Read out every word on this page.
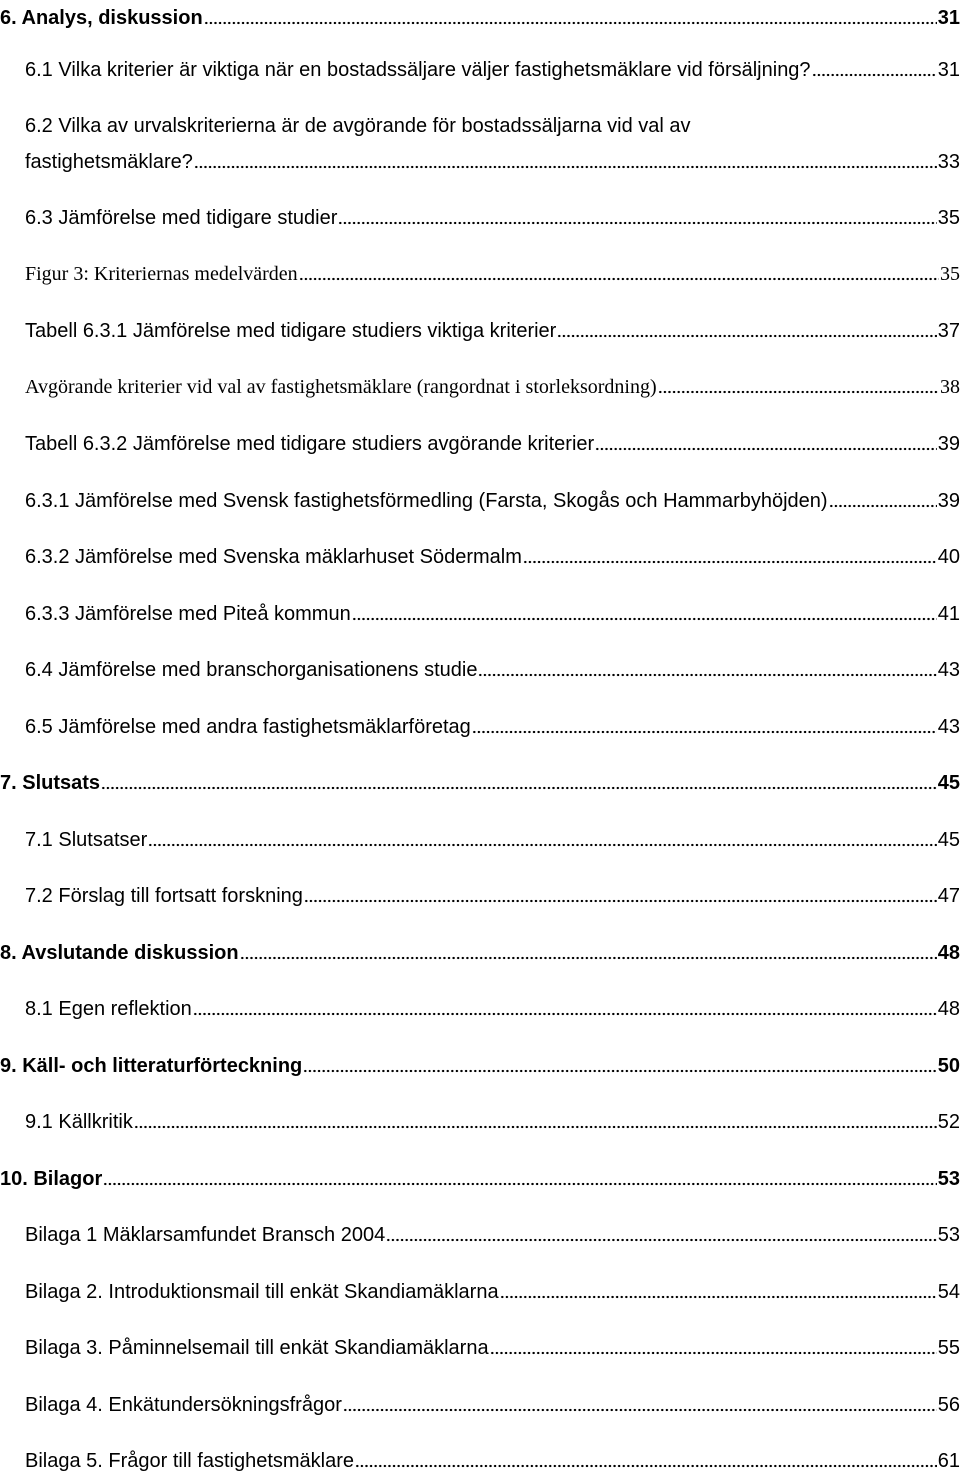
6. Analys, diskussion	31
6.1 Vilka kriterier är viktiga när en bostadssäljare väljer fastighetsmäklare vid försäljning?	31
6.2 Vilka av urvalskriterierna är de avgörande för bostadssäljarna vid val av
fastighetsmäklare?	33
6.3 Jämförelse med tidigare studier	35
Figur 3: Kriteriernas medelvärden	35
Tabell 6.3.1 Jämförelse med tidigare studiers viktiga kriterier	37
Avgörande kriterier vid val av fastighetsmäklare (rangordnat i storleksordning)	38
Tabell 6.3.2 Jämförelse med tidigare studiers avgörande kriterier	39
6.3.1 Jämförelse med Svensk fastighetsförmedling (Farsta, Skogås och Hammarbyhöjden)	39
6.3.2 Jämförelse med Svenska mäklarhuset Södermalm	40
6.3.3 Jämförelse med Piteå kommun	41
6.4 Jämförelse med branschorganisationens studie	43
6.5 Jämförelse med andra fastighetsmäklarföretag	43
7. Slutsats	45
7.1 Slutsatser	45
7.2 Förslag till fortsatt forskning	47
8. Avslutande diskussion	48
8.1 Egen reflektion	48
9. Käll- och litteraturförteckning	50
9.1 Källkritik	52
10. Bilagor	53
Bilaga 1 Mäklarsamfundet Bransch 2004	53
Bilaga 2. Introduktionsmail till enkät Skandiamäklarna	54
Bilaga 3. Påminnelsemail till enkät Skandiamäklarna	55
Bilaga 4. Enkätundersökningsfrågor	56
Bilaga 5. Frågor till fastighetsmäklare	61
